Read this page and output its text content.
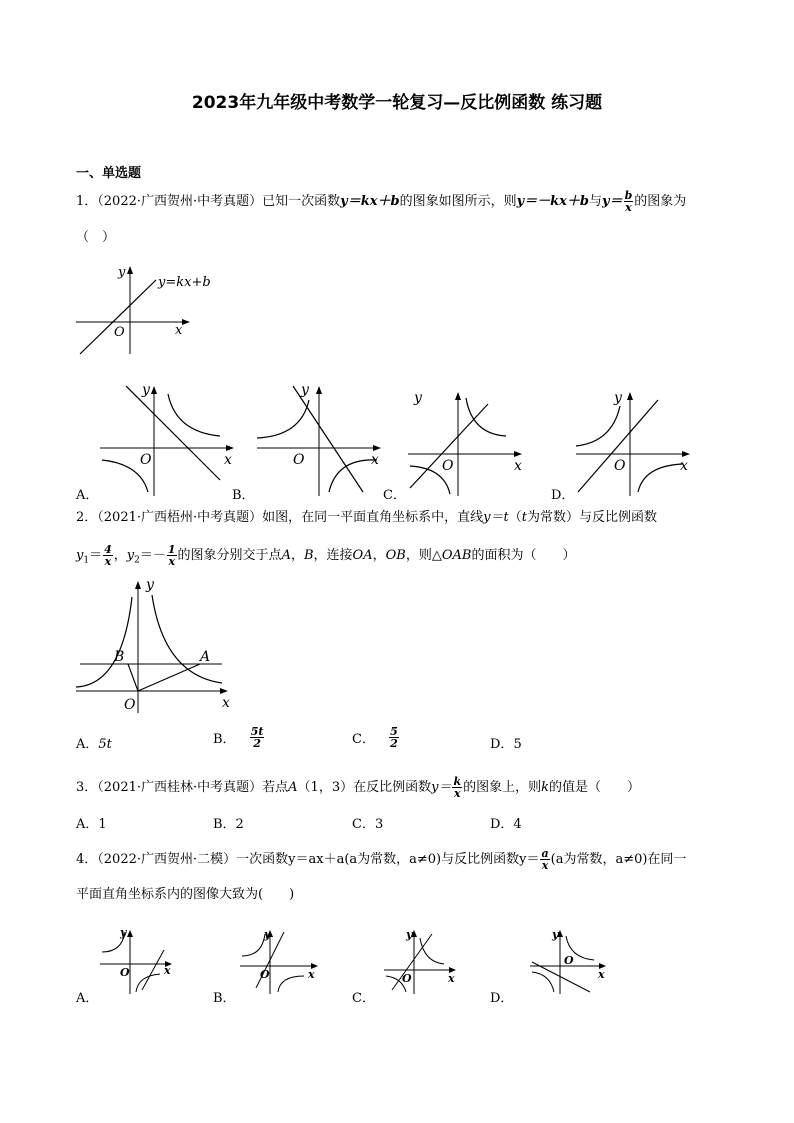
2023年九年级中考数学一轮复习—反比例函数 练习题
一、单选题
1．（2022·广西贺州·中考真题）已知一次函数y＝kx＋b的图象如图所示，则y＝－kx＋b与$y= \frac{b}{x}$ 的图象为
（　）
y
x
O
y=kx+b
y
x
O
y
x
O
y
x
O
y
x
O
A．	B．	C．	D．
2．（2021·广西梧州·中考真题）如图，在同一平面直角坐标系中，直线y＝t（t为常数）与反比例函数
$y_1= \frac{4}{x}$ ，$y_2=- \frac{1}{x}$ 的图象分别交于点A，B，连接OA，OB，则△OAB的面积为（　　）
y
x
O
A
B
A．5t	B． $\frac{5t}{2}$	C． $\frac{5}{2}$	D．5
3．（2021·广西桂林·中考真题）若点A（1，3）在反比例函数$y= \frac{k}{x}$ 的图象上，则k的值是（　　）
A．1	B．2	C．3	D．4
4．（2022·广西贺州·二模）一次函数y＝ax＋a(a为常数，a≠0)与反比例函数$y= \frac{a}{x} (a$为常数，a≠0)在同一
平面直角坐标系内的图像大致为(　　)
y
x
O
y
x
O
y
x
O
y
x
O
A．	B．	C．	D．
